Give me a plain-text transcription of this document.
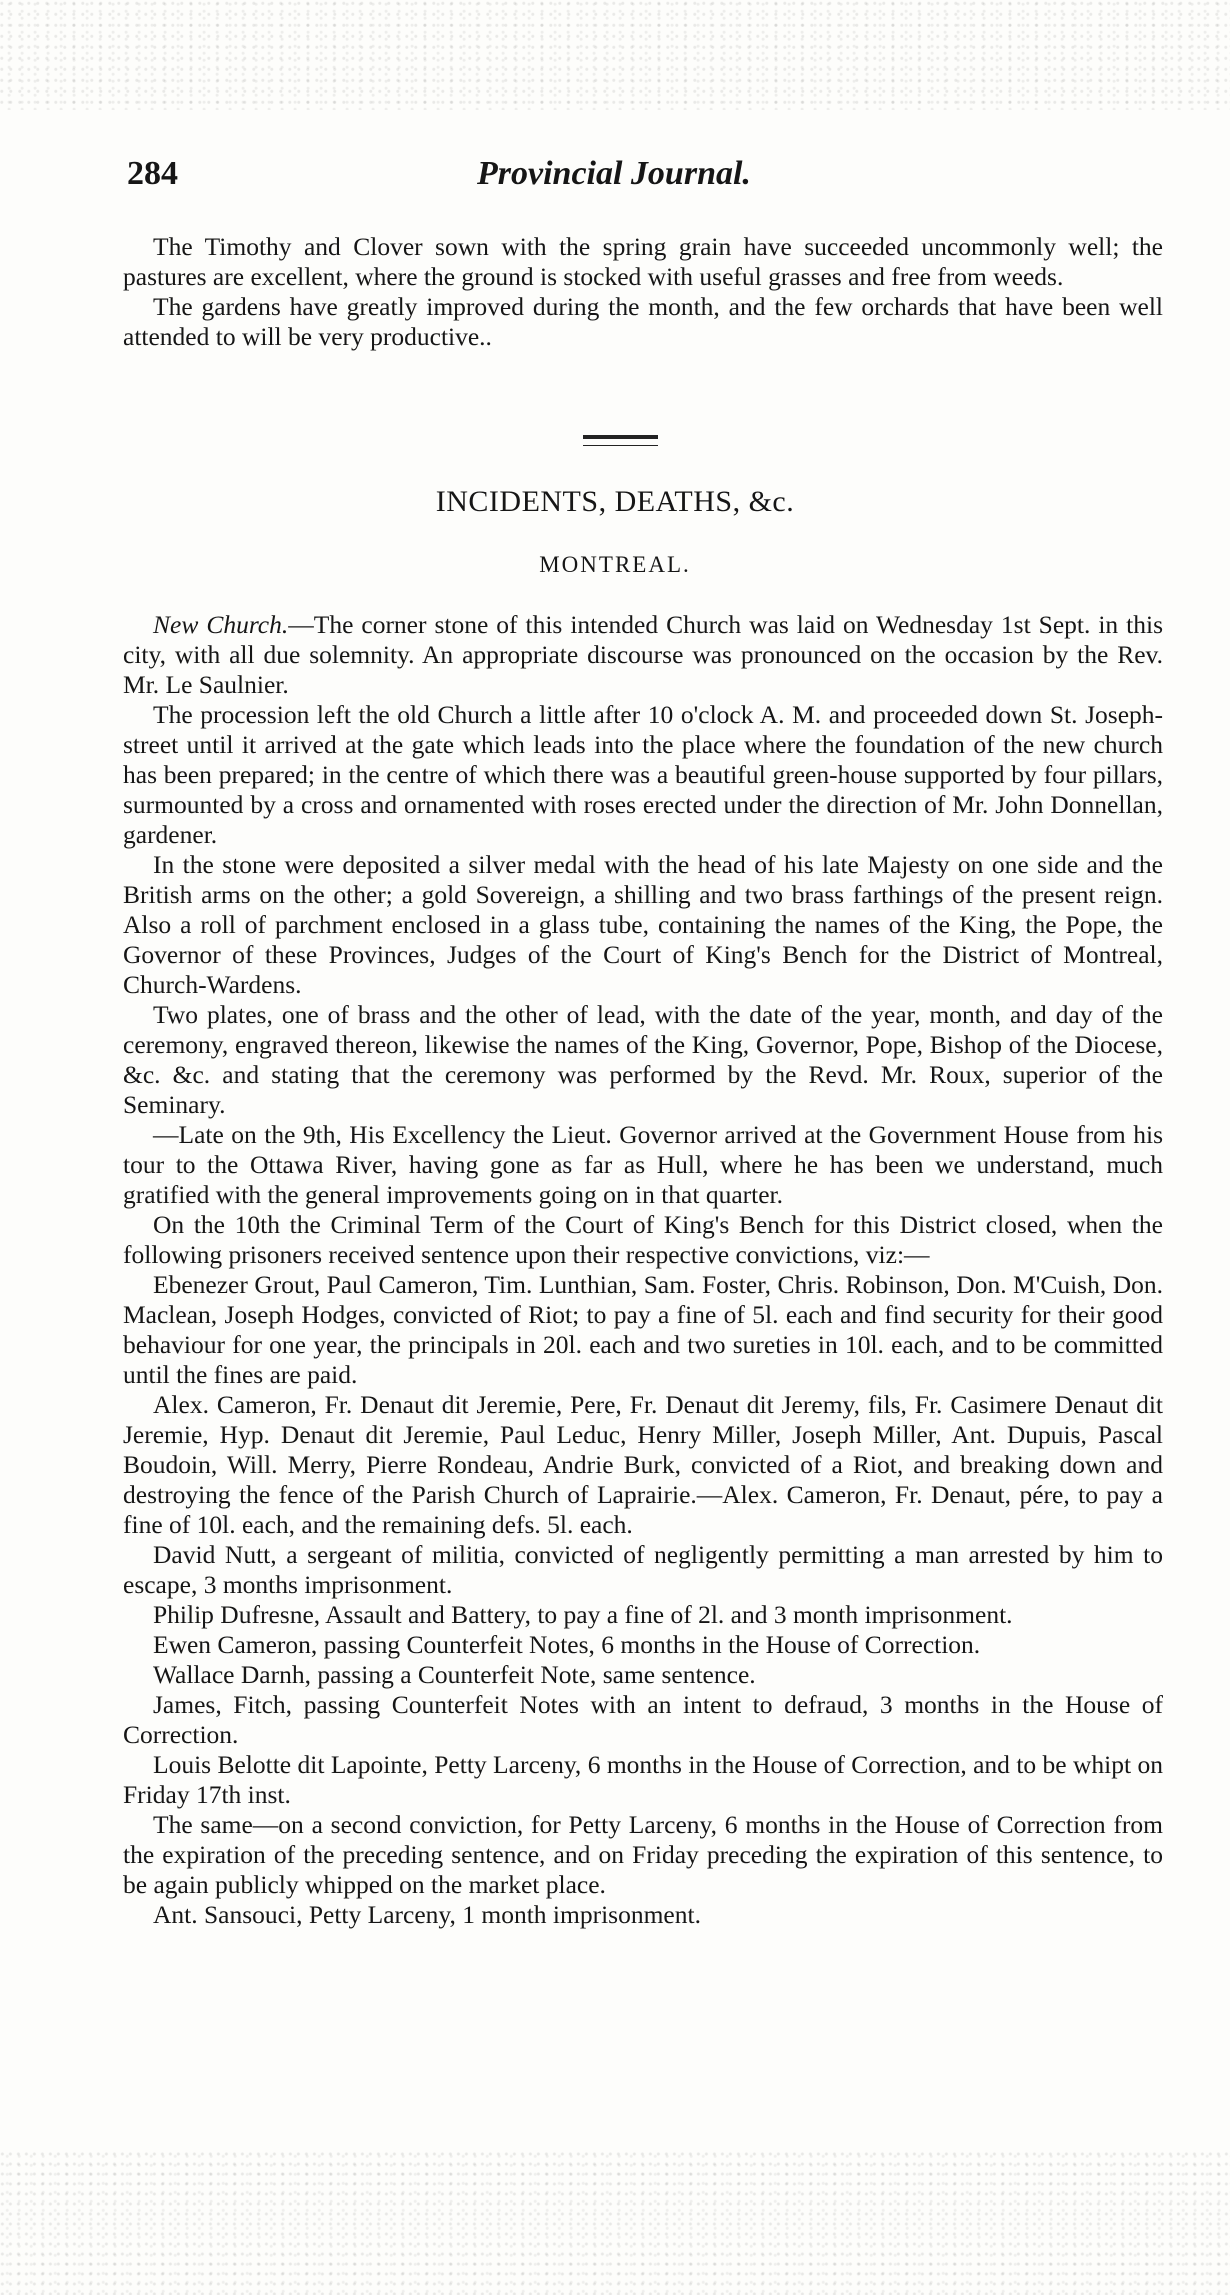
284	Provincial Journal.

The Timothy and Clover sown with the spring grain have succeeded uncommonly well; the pastures are excellent, where the ground is stocked with useful grasses and free from weeds.

The gardens have greatly improved during the month, and the few orchards that have been well attended to will be very productive..

INCIDENTS, DEATHS, &c.
MONTREAL.

New Church.—The corner stone of this intended Church was laid on Wednesday 1st Sept. in this city, with all due solemnity. An appropriate discourse was pronounced on the occasion by the Rev. Mr. Le Saulnier.

The procession left the old Church a little after 10 o'clock A. M. and proceeded down St. Joseph-street until it arrived at the gate which leads into the place where the foundation of the new church has been prepared; in the centre of which there was a beautiful green-house supported by four pillars, surmounted by a cross and ornamented with roses erected under the direction of Mr. John Donnellan, gardener.

In the stone were deposited a silver medal with the head of his late Majesty on one side and the British arms on the other; a gold Sovereign, a shilling and two brass farthings of the present reign. Also a roll of parchment enclosed in a glass tube, containing the names of the King, the Pope, the Governor of these Provinces, Judges of the Court of King's Bench for the District of Montreal, Church-Wardens.

Two plates, one of brass and the other of lead, with the date of the year, month, and day of the ceremony, engraved thereon, likewise the names of the King, Governor, Pope, Bishop of the Diocese, &c. &c. and stating that the ceremony was performed by the Revd. Mr. Roux, superior of the Seminary.

—Late on the 9th, His Excellency the Lieut. Governor arrived at the Government House from his tour to the Ottawa River, having gone as far as Hull, where he has been we understand, much gratified with the general improvements going on in that quarter.

On the 10th the Criminal Term of the Court of King's Bench for this District closed, when the following prisoners received sentence upon their respective convictions, viz:—

Ebenezer Grout, Paul Cameron, Tim. Lunthian, Sam. Foster, Chris. Robinson, Don. M'Cuish, Don. Maclean, Joseph Hodges, convicted of Riot; to pay a fine of 5l. each and find security for their good behaviour for one year, the principals in 20l. each and two sureties in 10l. each, and to be committed until the fines are paid.

Alex. Cameron, Fr. Denaut dit Jeremie, Pere, Fr. Denaut dit Jeremy, fils, Fr. Casimere Denaut dit Jeremie, Hyp. Denaut dit Jeremie, Paul Leduc, Henry Miller, Joseph Miller, Ant. Dupuis, Pascal Boudoin, Will. Merry, Pierre Rondeau, Andrie Burk, convicted of a Riot, and breaking down and destroying the fence of the Parish Church of Laprairie.—Alex. Cameron, Fr. Denaut, pére, to pay a fine of 10l. each, and the remaining defs. 5l. each.

David Nutt, a sergeant of militia, convicted of negligently permitting a man arrested by him to escape, 3 months imprisonment.

Philip Dufresne, Assault and Battery, to pay a fine of 2l. and 3 month imprisonment.

Ewen Cameron, passing Counterfeit Notes, 6 months in the House of Correction.

Wallace Darnh, passing a Counterfeit Note, same sentence.

James, Fitch, passing Counterfeit Notes with an intent to defraud, 3 months in the House of Correction.

Louis Belotte dit Lapointe, Petty Larceny, 6 months in the House of Correction, and to be whipt on Friday 17th inst.

The same—on a second conviction, for Petty Larceny, 6 months in the House of Correction from the expiration of the preceding sentence, and on Friday preceding the expiration of this sentence, to be again publicly whipped on the market place.

Ant. Sansouci, Petty Larceny, 1 month imprisonment.
